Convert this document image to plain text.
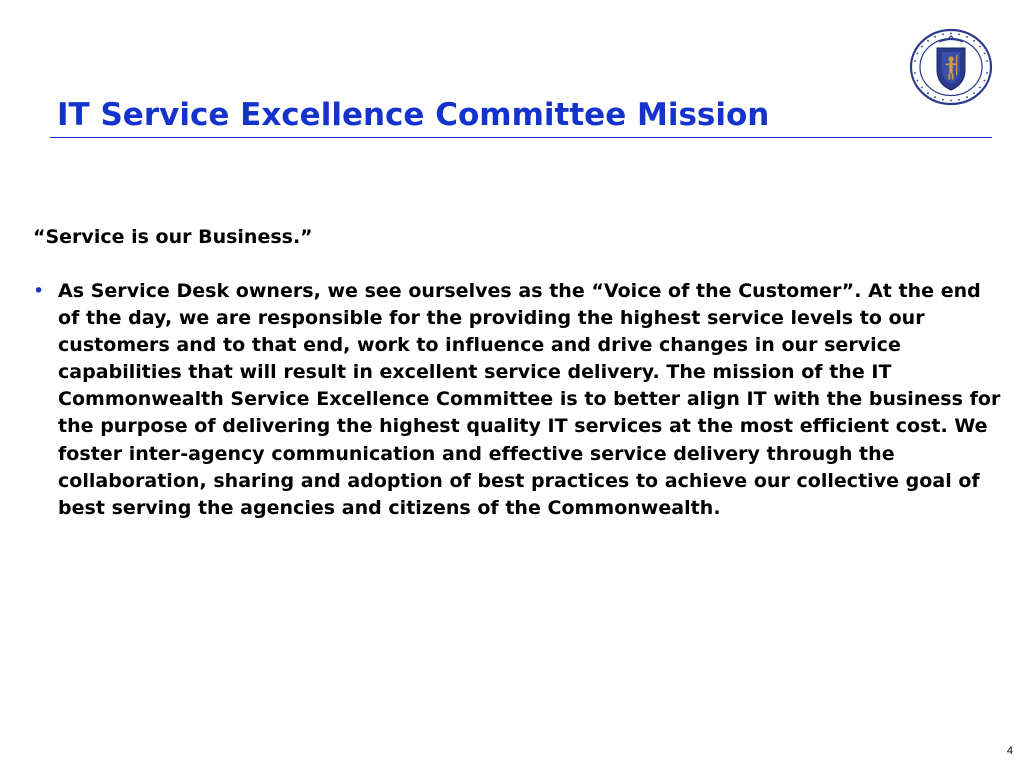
IT Service Excellence Committee Mission

“Service is our Business.”

• As Service Desk owners, we see ourselves as the “Voice of the Customer”. At the end of the day, we are responsible for the providing the highest service levels to our customers and to that end, work to influence and drive changes in our service capabilities that will result in excellent service delivery. The mission of the IT Commonwealth Service Excellence Committee is to better align IT with the business for the purpose of delivering the highest quality IT services at the most efficient cost. We foster inter-agency communication and effective service delivery through the collaboration, sharing and adoption of best practices to achieve our collective goal of best serving the agencies and citizens of the Commonwealth.

4
